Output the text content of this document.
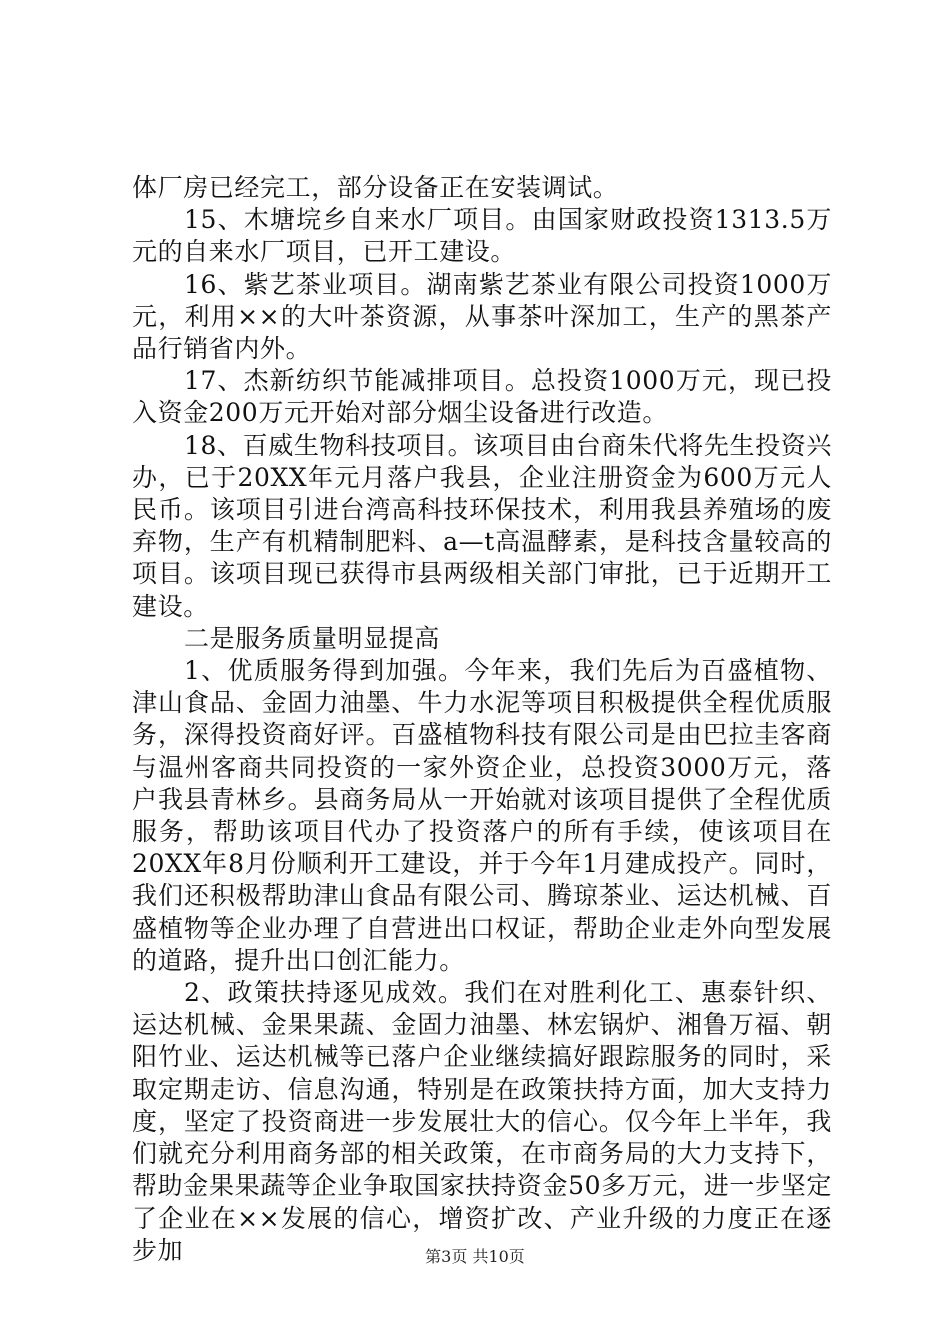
体厂房已经完工，部分设备正在安装调试。

15、木塘垸乡自来水厂项目。由国家财政投资1313.5万元的自来水厂项目，已开工建设。

16、紫艺茶业项目。湖南紫艺茶业有限公司投资1000万元，利用××的大叶茶资源，从事茶叶深加工，生产的黑茶产品行销省内外。

17、杰新纺织节能减排项目。总投资1000万元，现已投入资金200万元开始对部分烟尘设备进行改造。

18、百威生物科技项目。该项目由台商朱代将先生投资兴办，已于20XX年元月落户我县，企业注册资金为600万元人民币。该项目引进台湾高科技环保技术，利用我县养殖场的废弃物，生产有机精制肥料、a—t高温酵素，是科技含量较高的项目。该项目现已获得市县两级相关部门审批，已于近期开工建设。

二是服务质量明显提高

1、优质服务得到加强。今年来，我们先后为百盛植物、津山食品、金固力油墨、牛力水泥等项目积极提供全程优质服务，深得投资商好评。百盛植物科技有限公司是由巴拉圭客商与温州客商共同投资的一家外资企业，总投资3000万元，落户我县青林乡。县商务局从一开始就对该项目提供了全程优质服务，帮助该项目代办了投资落户的所有手续，使该项目在20XX年8月份顺利开工建设，并于今年1月建成投产。同时，我们还积极帮助津山食品有限公司、腾琼茶业、运达机械、百盛植物等企业办理了自营进出口权证，帮助企业走外向型发展的道路，提升出口创汇能力。

2、政策扶持逐见成效。我们在对胜利化工、惠泰针织、运达机械、金果果蔬、金固力油墨、林宏锅炉、湘鲁万福、朝阳竹业、运达机械等已落户企业继续搞好跟踪服务的同时，采取定期走访、信息沟通，特别是在政策扶持方面，加大支持力度，坚定了投资商进一步发展壮大的信心。仅今年上半年，我们就充分利用商务部的相关政策，在市商务局的大力支持下，帮助金果果蔬等企业争取国家扶持资金50多万元，进一步坚定了企业在××发展的信心，增资扩改、产业升级的力度正在逐步加	第3页 共10页
